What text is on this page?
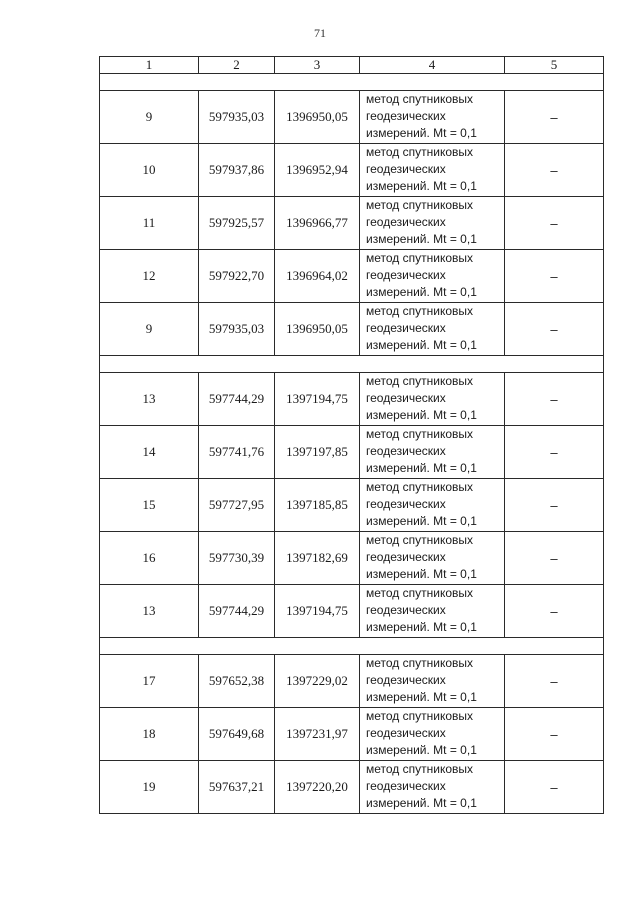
71
1	2	3	4	5

9	597935,03	1396950,05	метод спутниковых
геодезических
измерений. Mt = 0,1	–
10	597937,86	1396952,94	метод спутниковых
геодезических
измерений. Mt = 0,1	–
11	597925,57	1396966,77	метод спутниковых
геодезических
измерений. Mt = 0,1	–
12	597922,70	1396964,02	метод спутниковых
геодезических
измерений. Mt = 0,1	–
9	597935,03	1396950,05	метод спутниковых
геодезических
измерений. Mt = 0,1	–

13	597744,29	1397194,75	метод спутниковых
геодезических
измерений. Mt = 0,1	–
14	597741,76	1397197,85	метод спутниковых
геодезических
измерений. Mt = 0,1	–
15	597727,95	1397185,85	метод спутниковых
геодезических
измерений. Mt = 0,1	–
16	597730,39	1397182,69	метод спутниковых
геодезических
измерений. Mt = 0,1	–
13	597744,29	1397194,75	метод спутниковых
геодезических
измерений. Mt = 0,1	–

17	597652,38	1397229,02	метод спутниковых
геодезических
измерений. Mt = 0,1	–
18	597649,68	1397231,97	метод спутниковых
геодезических
измерений. Mt = 0,1	–
19	597637,21	1397220,20	метод спутниковых
геодезических
измерений. Mt = 0,1	–
